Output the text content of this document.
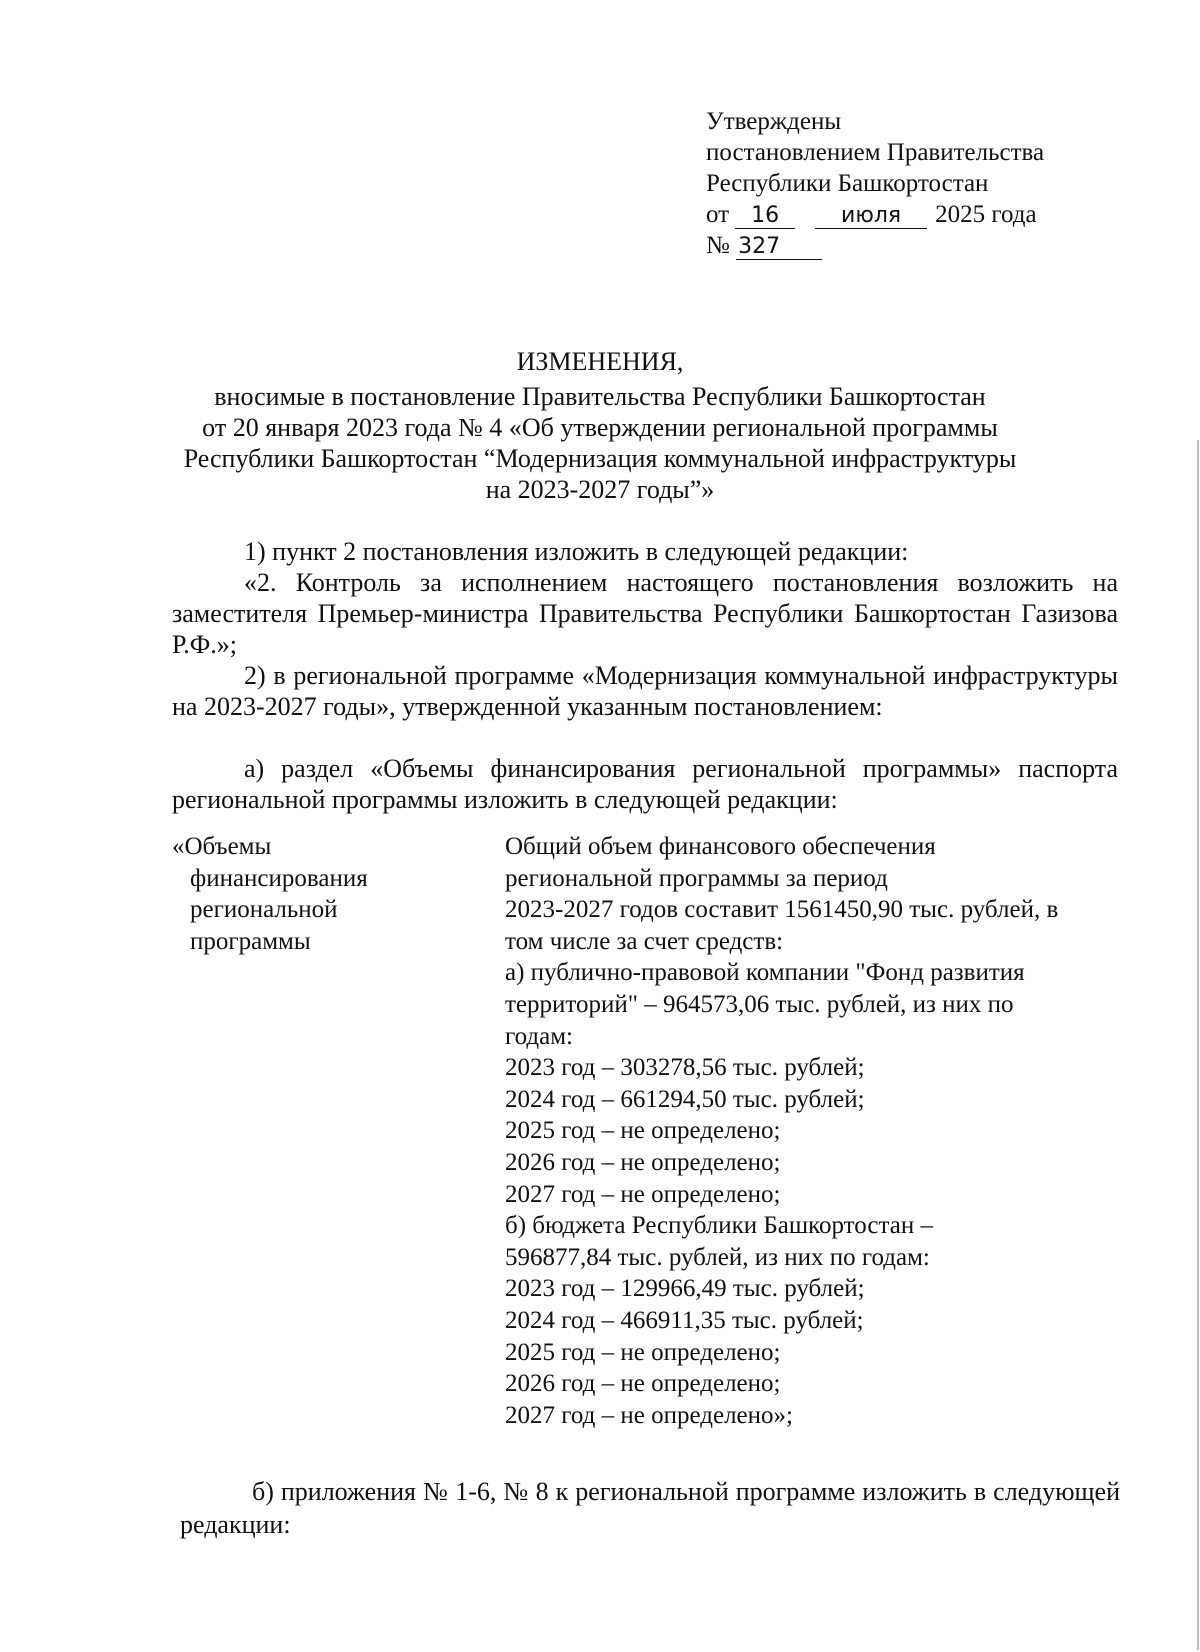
Утверждены
постановлением Правительства
Республики Башкортостан
от 16	июля 2025 года
№ 327
ИЗМЕНЕНИЯ,
вносимые в постановление Правительства Республики Башкортостан
от 20 января 2023 года № 4 «Об утверждении региональной программы
Республики Башкортостан “Модернизация коммунальной инфраструктуры
на 2023-2027 годы”»
1) пункт 2 постановления изложить в следующей редакции:
«2. Контроль за исполнением настоящего постановления возложить на заместителя Премьер-министра Правительства Республики Башкортостан Газизова Р.Ф.»;
2) в региональной программе «Модернизация коммунальной инфраструктуры на 2023-2027 годы», утвержденной указанным постановлением:
а) раздел «Объемы финансирования региональной программы» паспорта региональной программы изложить в следующей редакции:
«Объемы
финансирования
региональной
программы
Общий объем финансового обеспечения
региональной программы за период
2023-2027 годов составит 1561450,90 тыс. рублей, в
том числе за счет средств:
а) публично-правовой компании "Фонд развития
территорий" – 964573,06 тыс. рублей, из них по
годам:
2023 год – 303278,56 тыс. рублей;
2024 год – 661294,50 тыс. рублей;
2025 год – не определено;
2026 год – не определено;
2027 год – не определено;
б) бюджета Республики Башкортостан –
596877,84 тыс. рублей, из них по годам:
2023 год – 129966,49 тыс. рублей;
2024 год – 466911,35 тыс. рублей;
2025 год – не определено;
2026 год – не определено;
2027 год – не определено»;
б) приложения № 1-6, № 8 к региональной программе изложить в следующей редакции:
